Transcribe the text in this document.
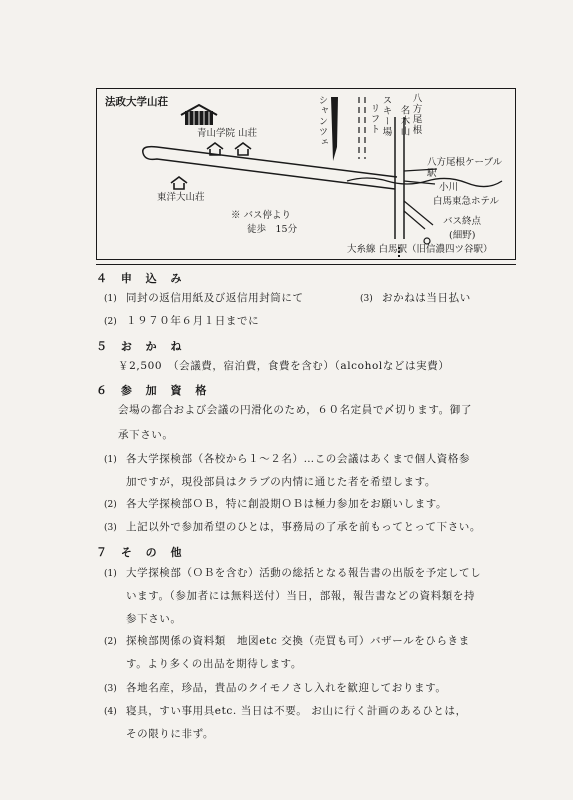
法政大学山荘
青山学院 山荘
東洋大山荘
※ バス停より
徒歩　15分
シャンツェ	リフト スキー場 八方尾根
名木山
八方尾根ケーブル駅
小川
白馬東急ホテル
バス終点
(細野)
大糸線 白馬駅（旧信濃四ツ谷駅）
４ 申 込 み
(1) 同封の返信用紙及び返信用封筒にて	(3) おかねは当日払い
(2) １９７０年６月１日までに
５ お か ね
￥2,500　（会議費，宿泊費，食費を含む）（alcoholなどは実費）
６ 参 加 資 格
会場の都合および会議の円滑化のため，６０名定員で〆切ります。御了
承下さい。
(1) 各大学探検部（各校から１～２名）…この会議はあくまで個人資格参
加ですが，現役部員はクラブの内情に通じた者を希望します。
(2) 各大学探検部ＯＢ，特に創設期ＯＢは極力参加をお願いします。
(3) 上記以外で参加希望のひとは，事務局の了承を前もってとって下さい。
７ そ の 他
(1) 大学探検部（ＯＢを含む）活動の総括となる報告書の出版を予定してし
います。（参加者には無料送付）当日，部報，報告書などの資料類を持
参下さい。
(2) 探検部関係の資料類　地図etc 交換（売買も可）バザールをひらきま
す。より多くの出品を期待します。
(3) 各地名産，珍品，貴品のクイモノさし入れを歓迎しております。
(4) 寝具，すい事用具etc. 当日は不要。 お山に行く計画のあるひとは，
その限りに非ず。
